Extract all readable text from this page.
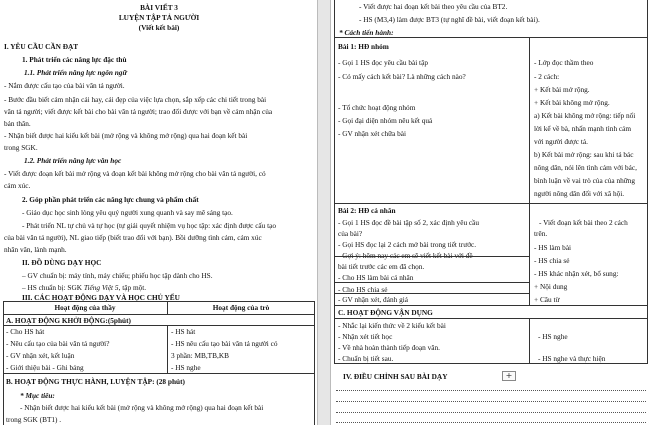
BÀI VIẾT 3
LUYỆN TẬP TẢ NGƯỜI
(Viết kết bài)
I. YÊU CẦU CẦN ĐẠT
1. Phát triển các năng lực đặc thù
1.1. Phát triển năng lực ngôn ngữ
- Nắm được cấu tạo của bài văn tả người.
- Bước đầu biết cảm nhận cái hay, cái đẹp của việc lựa chọn, sắp xếp các chi tiết trong bài
văn tả người; viết được kết bài cho bài văn tả người; trao đổi được với bạn về cảm nhận của
bản thân.
- Nhận biết được hai kiểu kết bài (mở rộng và không mở rộng) qua hai đoạn kết bài
trong SGK.
1.2. Phát triển năng lực văn học
- Viết được đoạn kết bài mở rộng và đoạn kết bài không mở rộng cho bài văn tả người, có
cảm xúc.
2. Góp phần phát triển các năng lực chung và phẩm chất
- Giáo dục học sinh lòng yêu quý người xung quanh và say mê sáng tạo.
- Phát triển NL tự chủ và tự học (tự giải quyết nhiệm vụ học tập: xác định được cấu tạo
của bài văn tả người), NL giao tiếp (biết trao đổi với bạn). Bồi dưỡng tình cảm, cảm xúc
nhân văn, lành mạnh.
II. ĐỒ DÙNG DẠY HỌC
– GV chuẩn bị: máy tính, máy chiếu; phiếu học tập dành cho HS.
– HS chuẩn bị: SGK Tiếng Việt 5, tập một.
III. CÁC HOẠT ĐỘNG DẠY VÀ HỌC CHỦ YẾU
Hoạt động của thầy	Hoạt động của trò
A. HOẠT ĐỘNG KHỞI ĐỘNG:(5phút)
- Cho HS hát
- Nêu cấu tạo của bài văn tả người?
- GV nhận xét, kết luận
- Giới thiệu bài - Ghi bảng
- HS hát
- HS nêu cấu tạo bài văn tả người có
3 phần: MB,TB,KB
- HS nghe
B. HOẠT ĐỘNG THỰC HÀNH, LUYỆN TẬP: (28 phút)
* Mục tiêu:
- Nhận biết được hai kiểu kết bài (mở rộng và không mở rộng) qua hai đoạn kết bài
trong SGK (BT1) .
- Viết được hai đoạn kết bài theo yêu cầu của BT2.
- HS (M3,4) làm được BT3 (tự nghĩ đề bài, viết đoạn kết bài).
* Cách tiến hành:
Bài 1: HĐ nhóm
- Gọi 1 HS đọc yêu cầu bài tập
- Có mấy cách kết bài? Là những cách nào?
- Lớp đọc thầm theo
- 2 cách:
+ Kết bài mở rộng.
+ Kết bài không mở rộng.
- Tổ chức hoạt động nhóm
- Gọi đại diện nhóm nêu kết quả
- GV nhận xét chữa bài
a) Kết bài không mở rộng: tiếp nối
lời kể về bà, nhấn mạnh tình cảm
với người được tả.
b) Kết bài mở rộng: sau khi tả bác
nông dân, nói lên tình cảm với bác,
bình luận về vai trò của của những
người nông dân đối với xã hội.
Bài 2: HĐ cá nhân
- Gọi 1 HS đọc đề bài tập số 2, xác định yêu cầu
của bài?
- Gọi HS đọc lại 2 cách mở bài trong tiết trước.
- Gợi ý: hôm nay các em sẽ viết kết bài với đề
bài tiết trước các em đã chọn.
- Cho HS làm bài cá nhân
- Cho HS chia sẻ
- GV nhận xét, đánh giá
- Viết đoạn kết bài theo 2 cách
trên.
- HS làm bài
- HS chia sẻ
- HS khác nhận xét, bổ sung:
+ Nội dung
+ Câu từ
C. HOẠT ĐỘNG VẬN DỤNG
- Nhắc lại kiến thức về 2 kiểu kết bài
- Nhận xét tiết học
- Về nhà hoàn thành tiếp đoạn văn.
- Chuẩn bị tiết sau.
- HS nghe
- HS nghe và thực hiện
IV. ĐIỀU CHỈNH SAU BÀI DẠY	+
